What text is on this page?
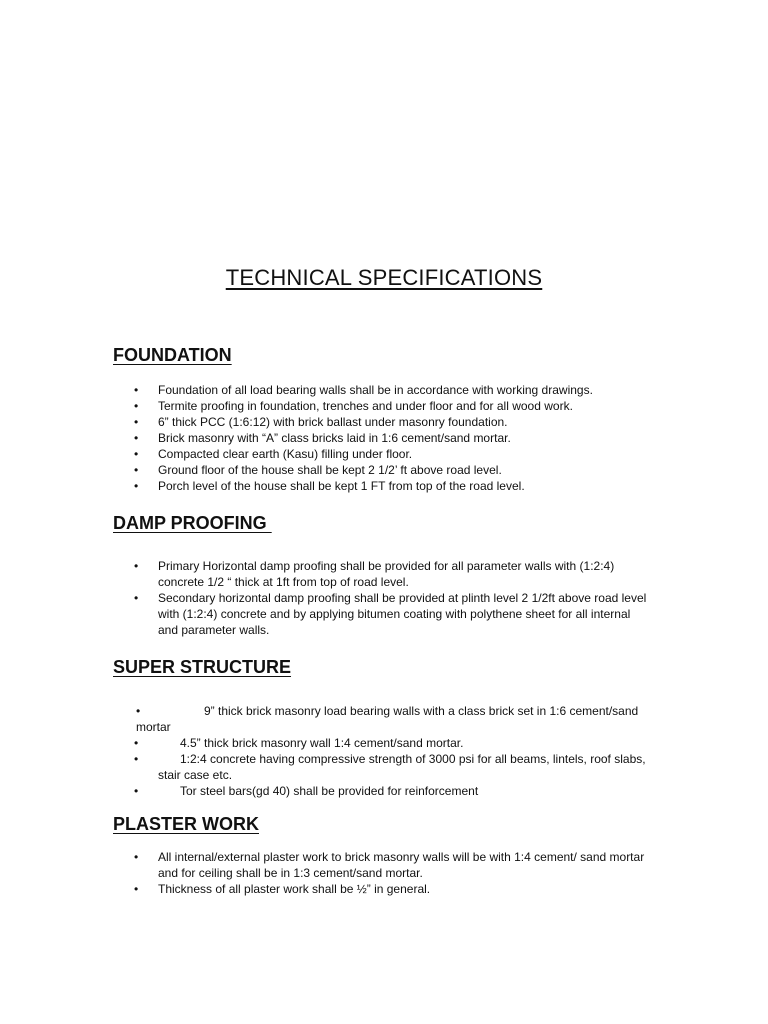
TECHNICAL SPECIFICATIONS
FOUNDATION
• Foundation of all load bearing walls shall be in accordance with working drawings.
• Termite proofing in foundation, trenches and under floor and for all wood work.
• 6” thick PCC (1:6:12) with brick ballast under masonry foundation.
• Brick masonry with “A” class bricks laid in 1:6 cement/sand mortar.
• Compacted clear earth (Kasu) filling under floor.
• Ground floor of the house shall be kept 2 1/2’ ft above road level.
• Porch level of the house shall be kept 1 FT from top of the road level.
DAMP PROOFING
• Primary Horizontal damp proofing shall be provided for all parameter walls with (1:2:4) concrete 1/2 “ thick at 1ft from top of road level.
• Secondary horizontal damp proofing shall be provided at plinth level 2 1/2ft above road level with (1:2:4) concrete and by applying bitumen coating with polythene sheet for all internal and parameter walls.
SUPER STRUCTURE
•	9” thick brick masonry load bearing walls with a class brick set in 1:6 cement/sand mortar
•	4.5” thick brick masonry wall 1:4 cement/sand mortar.
•	1:2:4 concrete having compressive strength of 3000 psi for all beams, lintels, roof slabs, stair case etc.
•	Tor steel bars(gd 40) shall be provided for reinforcement
PLASTER WORK
• All internal/external plaster work to brick masonry walls will be with 1:4 cement/ sand mortar and for ceiling shall be in 1:3 cement/sand mortar.
• Thickness of all plaster work shall be ½” in general.
